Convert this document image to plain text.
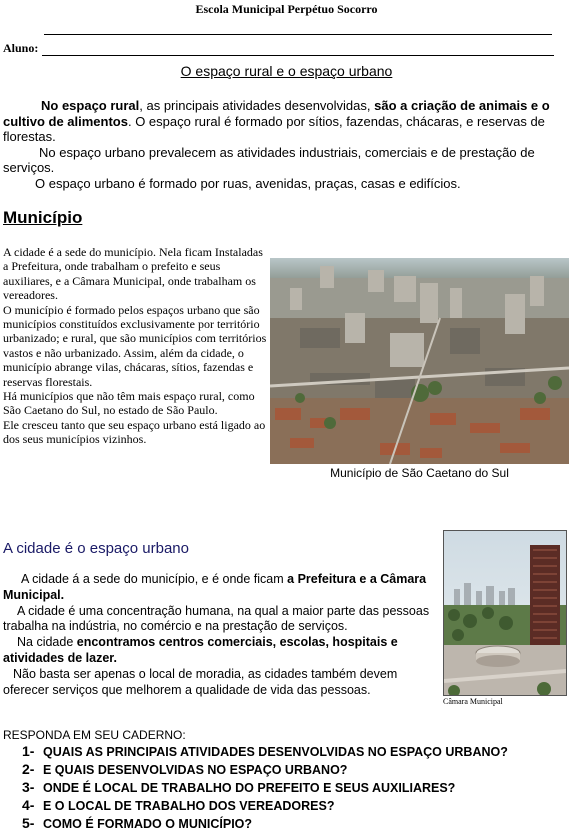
Escola Municipal Perpétuo Socorro
Aluno:
O espaço rural e o espaço urbano

No espaço rural, as principais atividades desenvolvidas, são a criação de animais e o cultivo de alimentos. O espaço rural é formado por sítios, fazendas, chácaras, e reservas de florestas.

No espaço urbano prevalecem as atividades industriais, comerciais e de prestação de serviços.

O espaço urbano é formado por ruas, avenidas, praças, casas e edifícios.

Município

A cidade é a sede do município. Nela ficam Instaladas a Prefeitura, onde trabalham o prefeito e seus auxiliares, e a Câmara Municipal, onde trabalham os vereadores.

O município é formado pelos espaços urbano que são municípios constituídos exclusivamente por território urbanizado; e rural, que são municípios com territórios vastos e não urbanizado. Assim, além da cidade, o município abrange vilas, chácaras, sítios, fazendas e reservas florestais.

Há municípios que não têm mais espaço rural, como São Caetano do Sul, no estado de São Paulo.

Ele cresceu tanto que seu espaço urbano está ligado ao dos seus municípios vizinhos.

Município de São Caetano do Sul
A cidade é o espaço urbano

A cidade á a sede do município, e é onde ficam a Prefeitura e a Câmara Municipal.

A cidade é uma concentração humana, na qual a maior parte das pessoas trabalha na indústria, no comércio e na prestação de serviços.

Na cidade encontramos centros comerciais, escolas, hospitais e atividades de lazer.

Não basta ser apenas o local de moradia, as cidades também devem oferecer serviços que melhorem a qualidade de vida das pessoas.

Câmara Municipal
RESPONDA EM SEU CADERNO:
1- QUAIS AS PRINCIPAIS ATIVIDADES DESENVOLVIDAS NO ESPAÇO URBANO?
2- E QUAIS DESENVOLVIDAS NO ESPAÇO URBANO?
3- ONDE É LOCAL DE TRABALHO DO PREFEITO E SEUS AUXILIARES?
4- E O LOCAL DE TRABALHO DOS VEREADORES?
5- COMO É FORMADO O MUNICÍPIO?
